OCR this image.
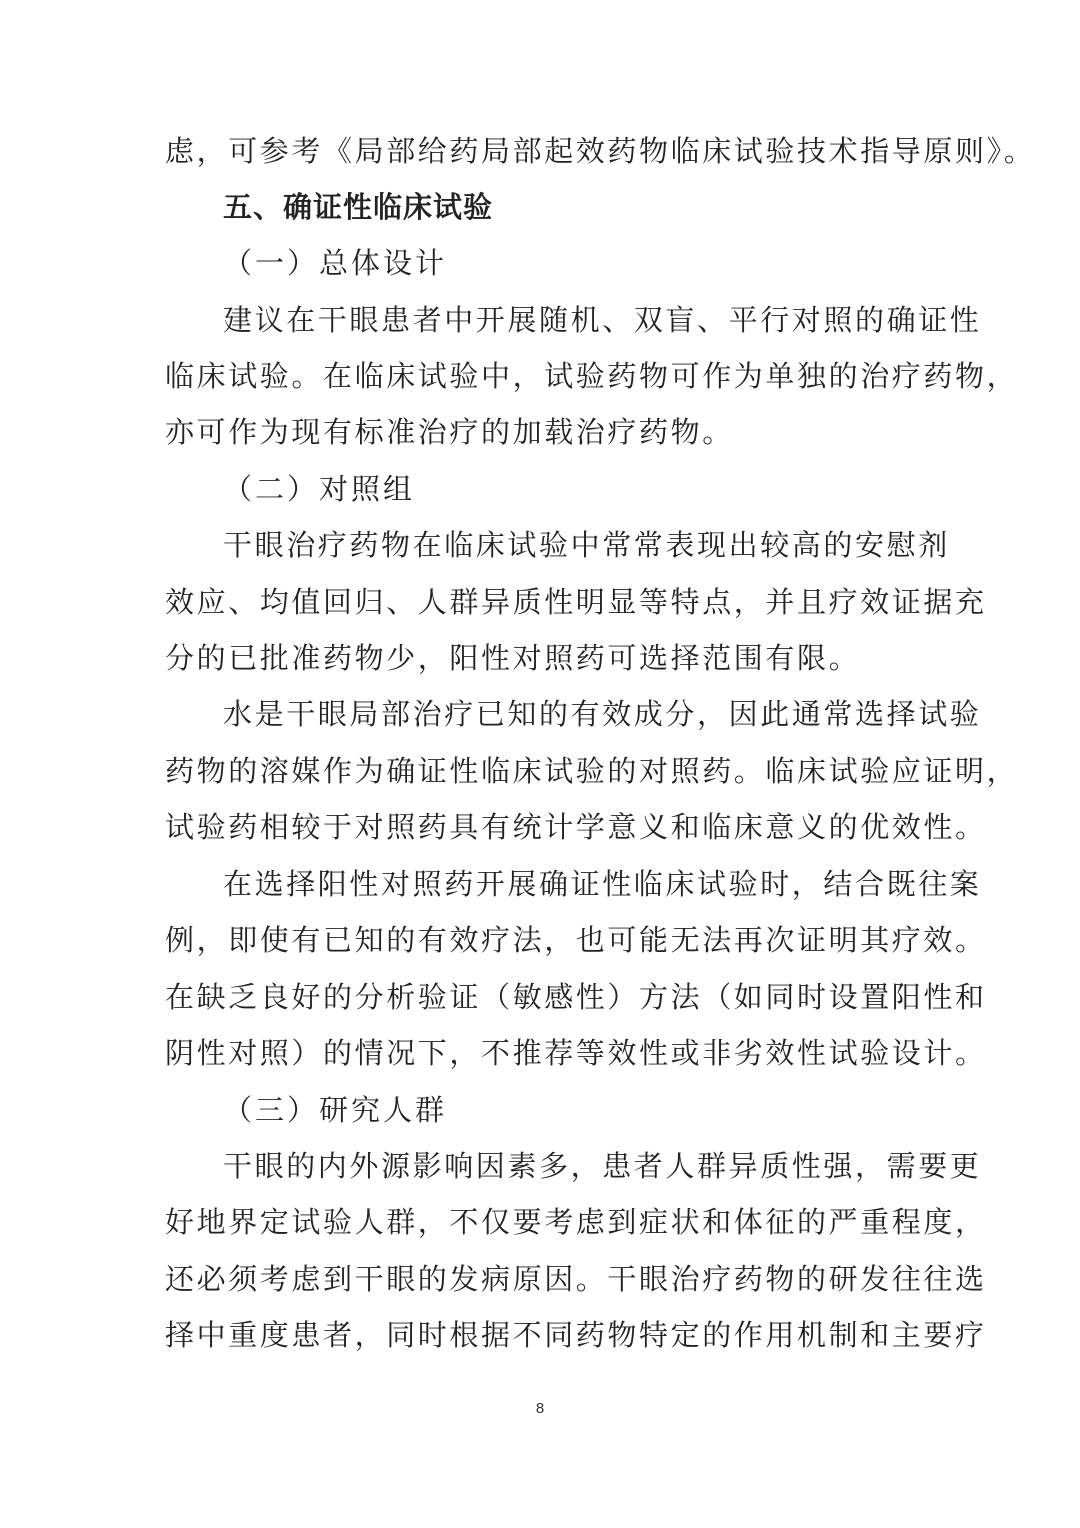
虑，可参考《局部给药局部起效药物临床试验技术指导原则》。
五、确证性临床试验
（一）总体设计
建议在干眼患者中开展随机、双盲、平行对照的确证性
临床试验。在临床试验中，试验药物可作为单独的治疗药物，
亦可作为现有标准治疗的加载治疗药物。
（二）对照组
干眼治疗药物在临床试验中常常表现出较高的安慰剂
效应、均值回归、人群异质性明显等特点，并且疗效证据充
分的已批准药物少，阳性对照药可选择范围有限。
水是干眼局部治疗已知的有效成分，因此通常选择试验
药物的溶媒作为确证性临床试验的对照药。临床试验应证明，
试验药相较于对照药具有统计学意义和临床意义的优效性。
在选择阳性对照药开展确证性临床试验时，结合既往案
例，即使有已知的有效疗法，也可能无法再次证明其疗效。
在缺乏良好的分析验证（敏感性）方法（如同时设置阳性和
阴性对照）的情况下，不推荐等效性或非劣效性试验设计。
（三）研究人群
干眼的内外源影响因素多，患者人群异质性强，需要更
好地界定试验人群，不仅要考虑到症状和体征的严重程度，
还必须考虑到干眼的发病原因。干眼治疗药物的研发往往选
择中重度患者，同时根据不同药物特定的作用机制和主要疗
8
